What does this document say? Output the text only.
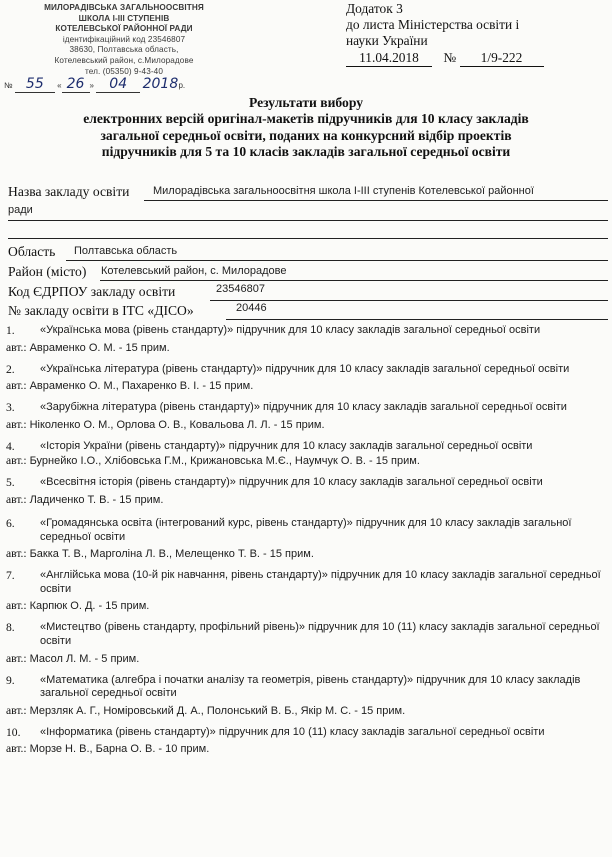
МИЛОРАДІВСЬКА ЗАГАЛЬНООСВІТНЯ
ШКОЛА І-ІІІ СТУПЕНІВ
КОТЕЛЕВСЬКОЇ РАЙОННОЇ РАДИ
ідентифікаційний код 23546807
38630, Полтавська область,
Котелевський район, с.Милорадове
тел. (05350) 9-43-40
№ 55 « 26 » 04 2018р.
Додаток 3
до листа Міністерства освіти і
науки України
11.04.2018 № 1/9-222
Результати вибору
електронних версій оригінал-макетів підручників для 10 класу закладів
загальної середньої освіти, поданих на конкурсний відбір проектів
підручників для 5 та 10 класів закладів загальної середньої освіти
Назва закладу освіти Милорадівська загальноосвітня школа І-ІІІ ступенів Котелевської районної
ради
Область Полтавська область
Район (місто) Котелевський район, с. Милорадове
Код ЄДРПОУ закладу освіти	23546807
№ закладу освіти в ІТС «ДІСО»	20446
1.	«Українська мова (рівень стандарту)» підручник для 10 класу закладів загальної середньої освіти
авт.: Авраменко О. М. - 15 прим.
2.	«Українська література (рівень стандарту)» підручник для 10 класу закладів загальної середньої освіти
авт.: Авраменко О. М., Пахаренко В. І. - 15 прим.
3.	«Зарубіжна література (рівень стандарту)» підручник для 10 класу закладів загальної середньої освіти
авт.: Ніколенко О. М., Орлова О. В., Ковальова Л. Л. - 15 прим.
4.	«Історія України (рівень стандарту)» підручник для 10 класу закладів загальної середньої освіти
авт.: Бурнейко І.О., Хлібовська Г.М., Крижановська М.Є., Наумчук О. В. - 15 прим.
5.	«Всесвітня історія (рівень стандарту)» підручник для 10 класу закладів загальної середньої освіти
авт.: Ладиченко Т. В. - 15 прим.
6.	«Громадянська освіта (інтегрований курс, рівень стандарту)» підручник для 10 класу закладів загальної середньої освіти
авт.: Бакка Т. В., Марголіна Л. В., Мелещенко Т. В. - 15 прим.
7.	«Англійська мова (10-й рік навчання, рівень стандарту)» підручник для 10 класу закладів загальної середньої освіти
авт.: Карпюк О. Д. - 15 прим.
8.	«Мистецтво (рівень стандарту, профільний рівень)» підручник для 10 (11) класу закладів загальної середньої освіти
авт.: Масол Л. М. - 5 прим.
9.	«Математика (алгебра і початки аналізу та геометрія, рівень стандарту)» підручник для 10 класу закладів загальної середньої освіти
авт.: Мерзляк А. Г., Номіровський Д. А., Полонський В. Б., Якір М. С. - 15 прим.
10.	«Інформатика (рівень стандарту)» підручник для 10 (11) класу закладів загальної середньої освіти
авт.: Морзе Н. В., Барна О. В. - 10 прим.
